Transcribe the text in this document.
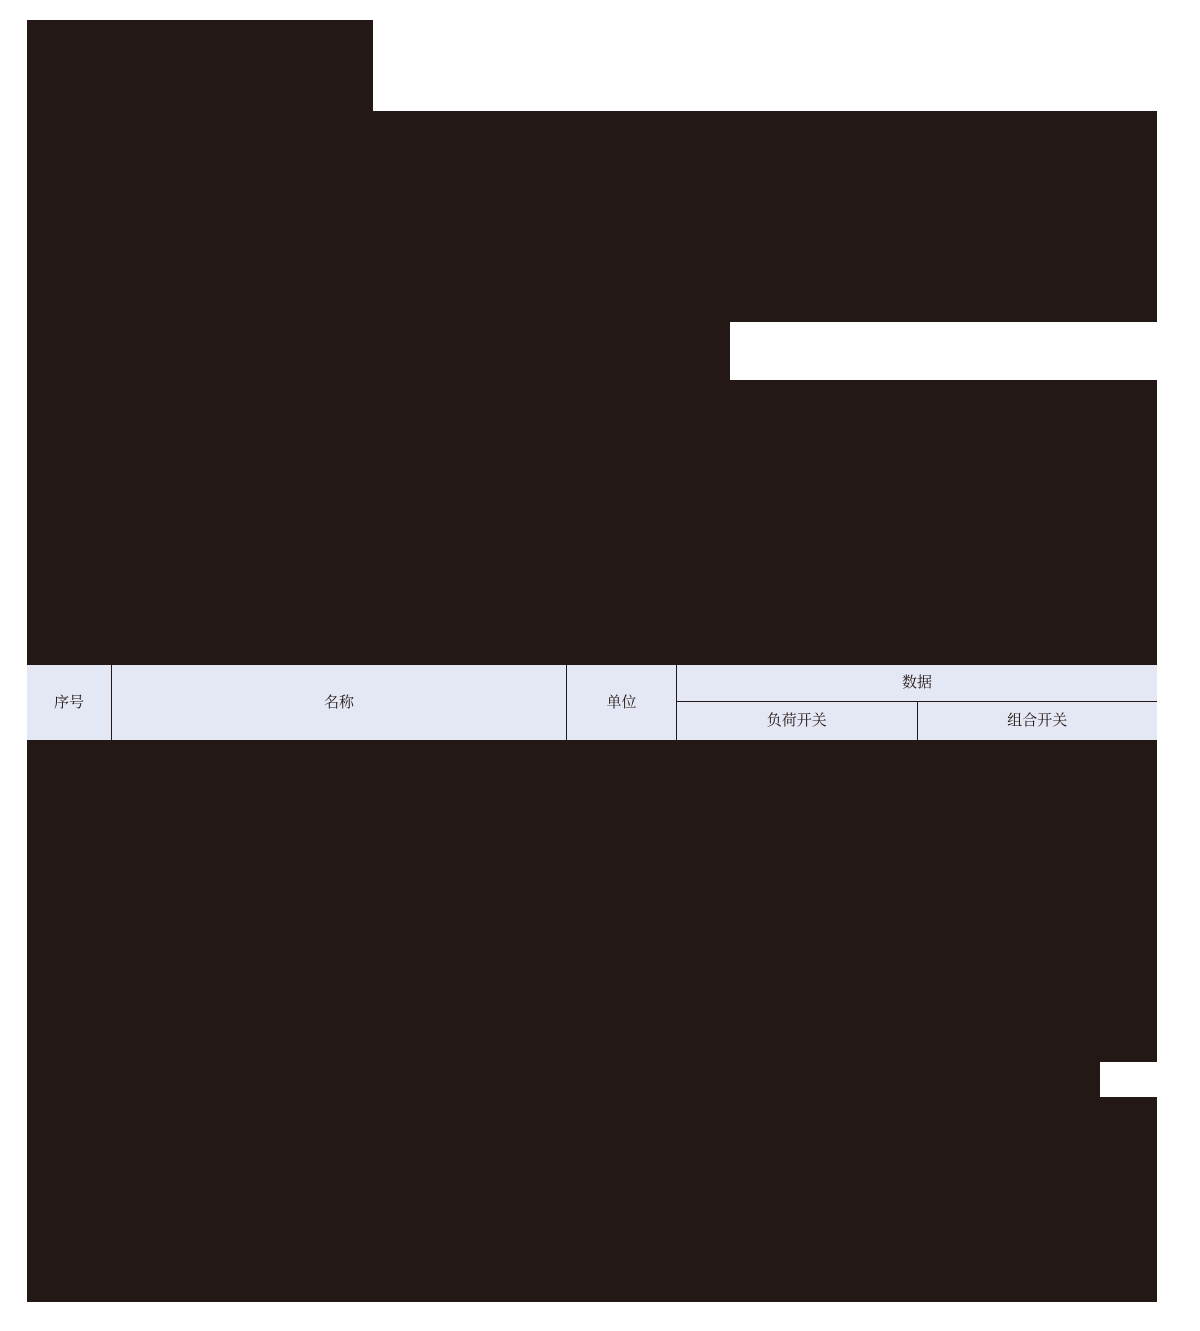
序号	名称	单位
数据
负荷开关	组合开关
